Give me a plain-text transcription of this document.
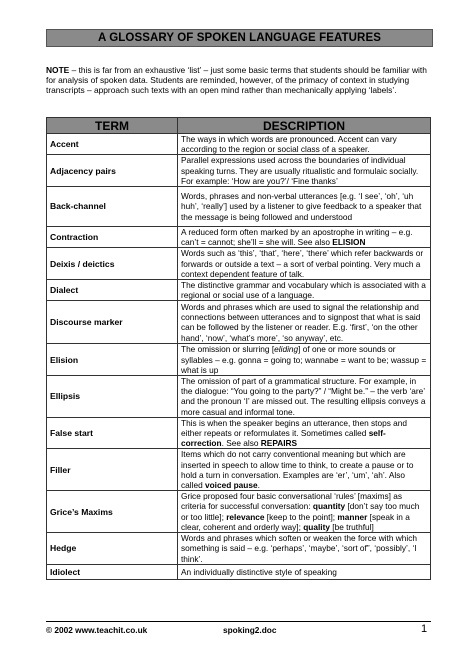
A GLOSSARY OF SPOKEN LANGUAGE FEATURES

NOTE – this is far from an exhaustive ‘list’ – just some basic terms that students should be familiar with for analysis of spoken data. Students are reminded, however, of the primacy of context in studying transcripts – approach such texts with an open mind rather than mechanically applying ‘labels’.

TERM	DESCRIPTION
Accent	The ways in which words are pronounced. Accent can vary according to the region or social class of a speaker.
Adjacency pairs	Parallel expressions used across the boundaries of individual speaking turns. They are usually ritualistic and formulaic socially. For example: ‘How are you?’/ ‘Fine thanks’
Back-channel	Words, phrases and non-verbal utterances [e.g. ‘I see’, ‘oh’, ‘uh huh’, ‘really’] used by a listener to give feedback to a speaker that the message is being followed and understood
Contraction	A reduced form often marked by an apostrophe in writing – e.g. can’t = cannot; she’ll = she will. See also ELISION
Deixis / deictics	Words such as ‘this’, ‘that’, ‘here’, ‘there’ which refer backwards or forwards or outside a text – a sort of verbal pointing. Very much a context dependent feature of talk.
Dialect	The distinctive grammar and vocabulary which is associated with a regional or social use of a language.
Discourse marker	Words and phrases which are used to signal the relationship and connections between utterances and to signpost that what is said can be followed by the listener or reader. E.g. ‘first’, ‘on the other hand’, ‘now’, ‘what’s more’, ‘so anyway’, etc.
Elision	The omission or slurring [eliding] of one or more sounds or syllables – e.g. gonna = going to; wannabe = want to be; wassup = what is up
Ellipsis	The omission of part of a grammatical structure. For example, in the dialogue: “You going to the party?” / “Might be.” – the verb ‘are’ and the pronoun ‘I’ are missed out. The resulting ellipsis conveys a more casual and informal tone.
False start	This is when the speaker begins an utterance, then stops and either repeats or reformulates it. Sometimes called self-correction. See also REPAIRS
Filler	Items which do not carry conventional meaning but which are inserted in speech to allow time to think, to create a pause or to hold a turn in conversation. Examples are ‘er’, ‘um’, ‘ah’. Also called voiced pause.
Grice’s Maxims	Grice proposed four basic conversational ‘rules’ [maxims] as criteria for successful conversation: quantity [don’t say too much or too little]; relevance [keep to the point]; manner [speak in a clear, coherent and orderly way]; quality [be truthful]
Hedge	Words and phrases which soften or weaken the force with which something is said – e.g. ‘perhaps’, ‘maybe’, ‘sort of”, ‘possibly’, ‘I think’.
Idiolect	An individually distinctive style of speaking
© 2002 www.teachit.co.uk	spoking2.doc	1
